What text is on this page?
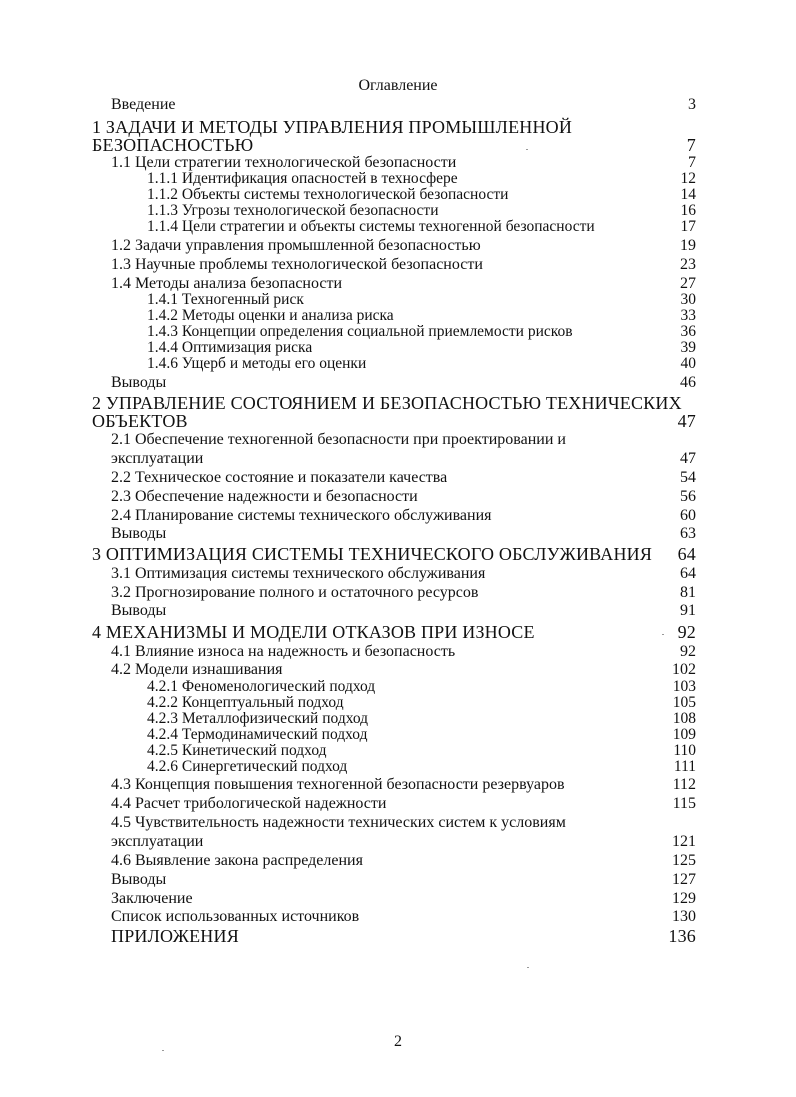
Оглавление
Введение	3
1 ЗАДАЧИ И МЕТОДЫ УПРАВЛЕНИЯ ПРОМЫШЛЕННОЙ
БЕЗОПАСНОСТЬЮ	7
1.1 Цели стратегии технологической безопасности	7
1.1.1 Идентификация опасностей в техносфере	12
1.1.2 Объекты системы технологической безопасности	14
1.1.3 Угрозы технологической безопасности	16
1.1.4 Цели стратегии и объекты системы техногенной безопасности	17
1.2 Задачи управления промышленной безопасностью	19
1.3 Научные проблемы технологической безопасности	23
1.4 Методы анализа безопасности	27
1.4.1 Техногенный риск	30
1.4.2 Методы оценки и анализа риска	33
1.4.3 Концепции определения социальной приемлемости рисков	36
1.4.4 Оптимизация риска	39
1.4.6 Ущерб и методы его оценки	40
Выводы	46
2 УПРАВЛЕНИЕ СОСТОЯНИЕМ И БЕЗОПАСНОСТЬЮ ТЕХНИЧЕСКИХ
ОБЪЕКТОВ	47
2.1 Обеспечение техногенной безопасности при проектировании и
эксплуатации	47
2.2 Техническое состояние и показатели качества	54
2.3 Обеспечение надежности и безопасности	56
2.4 Планирование системы технического обслуживания	60
Выводы	63
3 ОПТИМИЗАЦИЯ СИСТЕМЫ ТЕХНИЧЕСКОГО ОБСЛУЖИВАНИЯ 64
3.1 Оптимизация системы технического обслуживания	64
3.2 Прогнозирование полного и остаточного ресурсов	81
Выводы	91
4 МЕХАНИЗМЫ И МОДЕЛИ ОТКАЗОВ ПРИ ИЗНОСЕ	92
4.1 Влияние износа на надежность и безопасность	92
4.2 Модели изнашивания	102
4.2.1 Феноменологический подход	103
4.2.2 Концептуальный подход	105
4.2.3 Металлофизический подход	108
4.2.4 Термодинамический подход	109
4.2.5 Кинетический подход	110
4.2.6 Синергетический подход	111
4.3 Концепция повышения техногенной безопасности резервуаров	112
4.4 Расчет трибологической надежности	115
4.5 Чувствительность надежности технических систем к условиям
эксплуатации	121
4.6 Выявление закона распределения	125
Выводы	127
Заключение	129
Список использованных источников	130
ПРИЛОЖЕНИЯ	136
2
